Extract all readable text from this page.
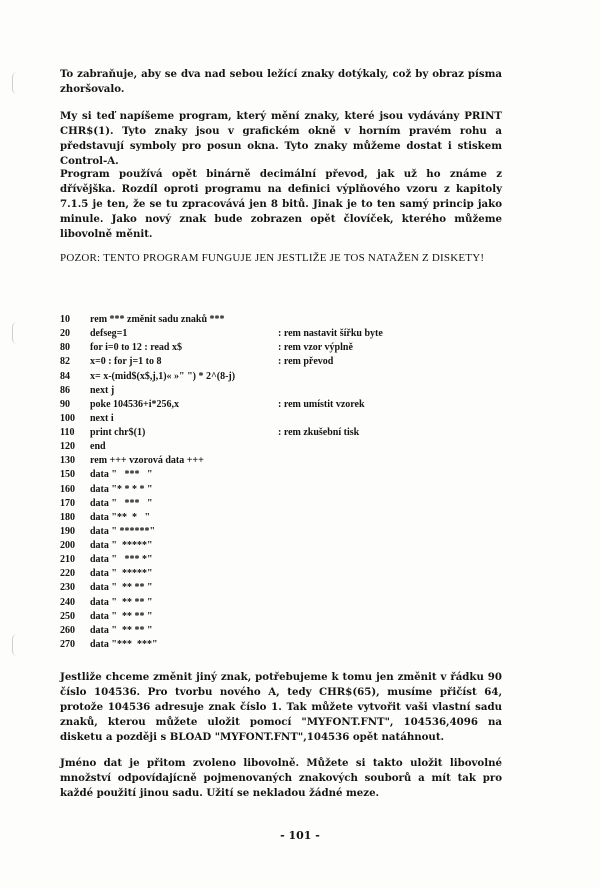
To zabraňuje, aby se dva nad sebou ležící znaky dotýkaly, což by obraz písma zhoršovalo.

My si teď napíšeme program, který mění znaky, které jsou vydávány PRINT CHR$(1). Tyto znaky jsou v grafickém okně v horním pravém rohu a představují symboly pro posun okna. Tyto znaky můžeme dostat i stiskem Control-A.

Program používá opět binárně decimální převod, jak už ho známe z dřívějška. Rozdíl oproti programu na definici výplňového vzoru z kapitoly 7.1.5 je ten, že se tu zpracovává jen 8 bitů. Jinak je to ten samý princip jako minule. Jako nový znak bude zobrazen opět človíček, kterého můžeme libovolně měnit.

POZOR: TENTO PROGRAM FUNGUJE JEN JESTLIŽE JE TOS NATAŽEN Z DISKETY!

10 rem *** změnit sadu znaků ***
20 defseg=1	: rem nastavit šířku byte
80 for i=0 to 12 : read x$	: rem vzor výplně
82 x=0 : for j=1 to 8	: rem převod
84 x= x-(mid$(x$,j,1)« »" ") * 2^(8-j)
86 next j
90 poke 104536+i*256,x	: rem umístit vzorek
100 next i
110 print chr$(1)	: rem zkušební tisk
120 end
130 rem +++ vzorová data +++
150 data "   ***   "
160 data "* * * * "
170 data "   ***   "
180 data "**  *   "
190 data " ******"
200 data "  *****"
210 data "   *** *"
220 data "  *****"
230 data "  ** ** "
240 data "  ** ** "
250 data "  ** ** "
260 data "  ** ** "
270 data "***  ***"

Jestliže chceme změnit jiný znak, potřebujeme k tomu jen změnit v řádku 90 číslo 104536. Pro tvorbu nového A, tedy CHR$(65), musíme přičíst 64, protože 104536 adresuje znak číslo 1. Tak můžete vytvořit vaši vlastní sadu znaků, kterou můžete uložit pomocí "MYFONT.FNT", 104536,4096 na disketu a později s BLOAD "MYFONT.FNT",104536 opět natáhnout.

Jméno dat je přitom zvoleno libovolně. Můžete si takto uložit libovolné množství odpovídajícně pojmenovaných znakových souborů a mít tak pro každé použití jinou sadu. Užití se nekladou žádné meze.

- 101 -
